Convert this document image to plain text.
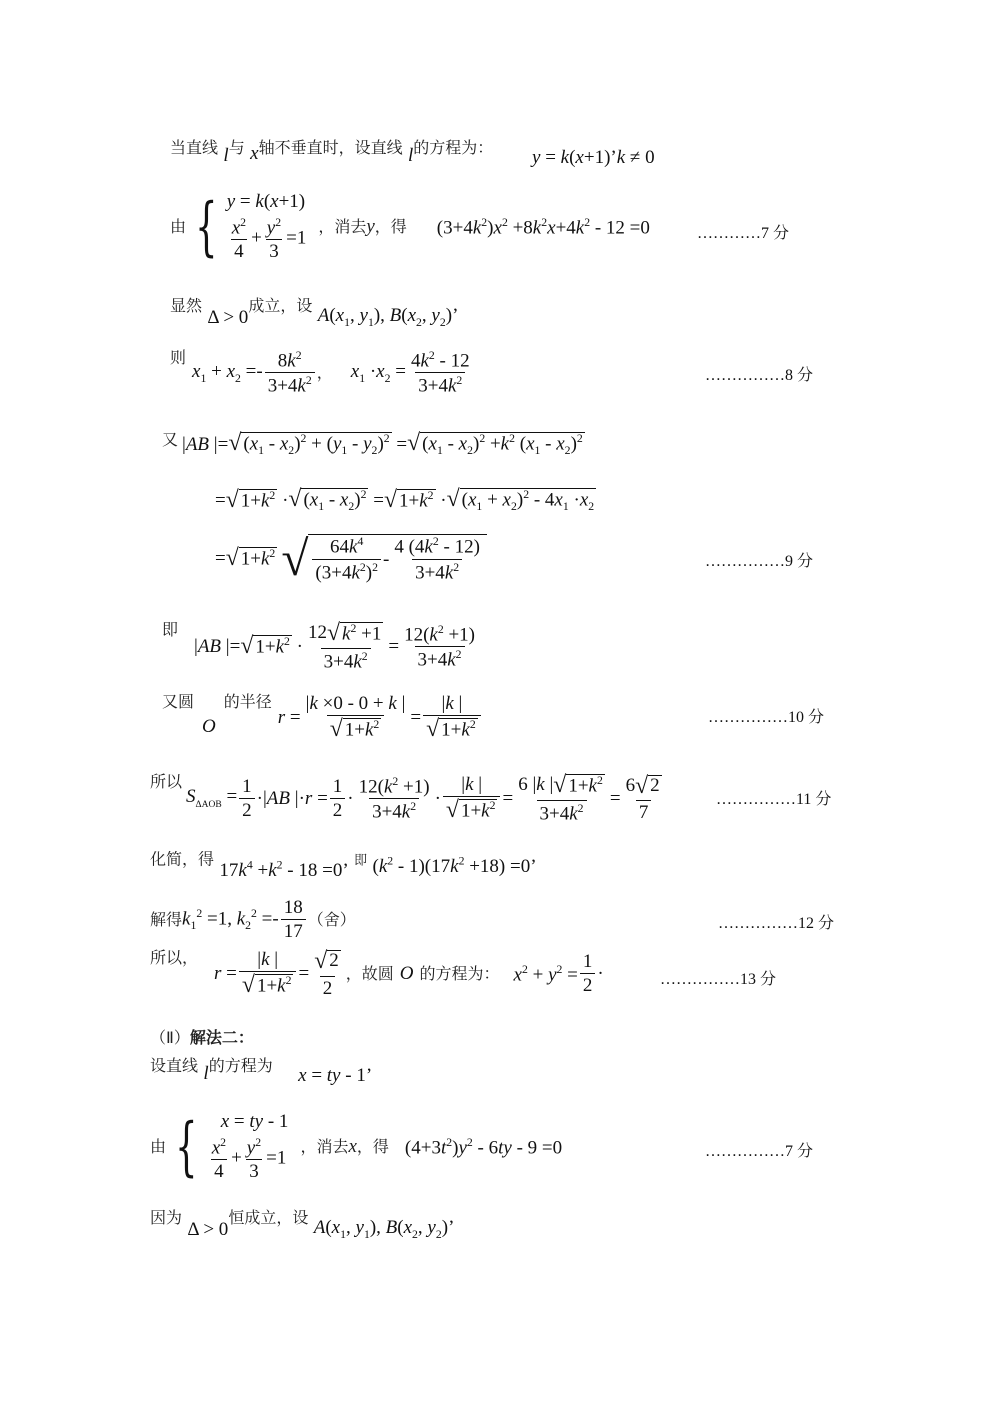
当直线 l与 x轴不垂直时，设直线 l的方程为： y = k(x+1)’k ≠ 0
由 { y = k(x+1)
$\frac{x^2}{4} + \frac{y^2}{3} =1$
，消去y，得 $(3+4k^2)x^2 +8k^2x+4k^2 - 12 =0$	…………7 分
显然 Δ > 0成立，设 $A(x_1$, $y_1$), $B(x_2$, $y_2$)’
则
$x_1 + x_2 =- \frac{8k^2}{3+4k^2}$ ， $x_1 \cdot x_2 = \frac{4k^2 - 12}{3+4k^2}$	……………8 分
又 |AB |= √ $(x_1 - x_2)^2 + (y_1 - y_2)^2$ = √ $(x_1 - x_2)^2 +k^2$ $(x_1 - x_2)^2$
= √ $1+k^2$ · √ $(x_1 - x_2)^2$ = √ $1+k^2$ · √ $(x_1 + x_2)^2 - 4x_1 \cdot x_2$
= √ $1+k^2$ √ $\frac{64k^4}{(3+4k^2)^2} - \frac{4 (4k^2 - 12)}{3+4k^2}$	……………9 分
即
|AB |= √ $1+k^2 \cdot \frac{12 √ k^2 +1}{3+4k^2} = \frac{12(k^2 +1)}{3+4k^2}$
又圆
O
的半径
$r = \frac{|k \times 0 - 0 + k |}{√ 1+k^2} = \frac{|k |}{√ 1+k^2}$	……………10 分
所以
$S_{\Delta AOB} = \frac{1}{2} \cdot|AB$ $|\cdot r = \frac{1}{2} \cdot \frac{12(k^2 +1)}{3+4k^2} \cdot \frac{|k |}{√ 1+k^2} = \frac{6 |k | √ 1+k^2}{3+4k^2} = \frac{6 √ 2}{7}$	……………11 分
化简，得 $17k^4 +k^2 - 18 =0$’ 即 $(k^2 - 1)(17k^2 +18) =0$’
解得 $k_1^2 =1$, $k_2^2 =- \frac{18}{17}$ （舍）	……………12 分
所以，
$r = \frac{|k |}{√ 1+k^2} = \frac{√ 2}{2}$ ，故圆 O 的方程为： $x^2 + y^2 = \frac{1}{2}$ ·	……………13 分
（Ⅱ）解法二：
设直线 l的方程为 x = ty - 1’
由 {	x = ty - 1
$\frac{x^2}{4} + \frac{y^2}{3} =1$
，消去x，得 $(4+3t^2)y^2 - 6ty - 9 =0$	……………7 分
因为 Δ > 0恒成立，设 $A(x_1$, $y_1$), $B(x_2$, $y_2$)’
